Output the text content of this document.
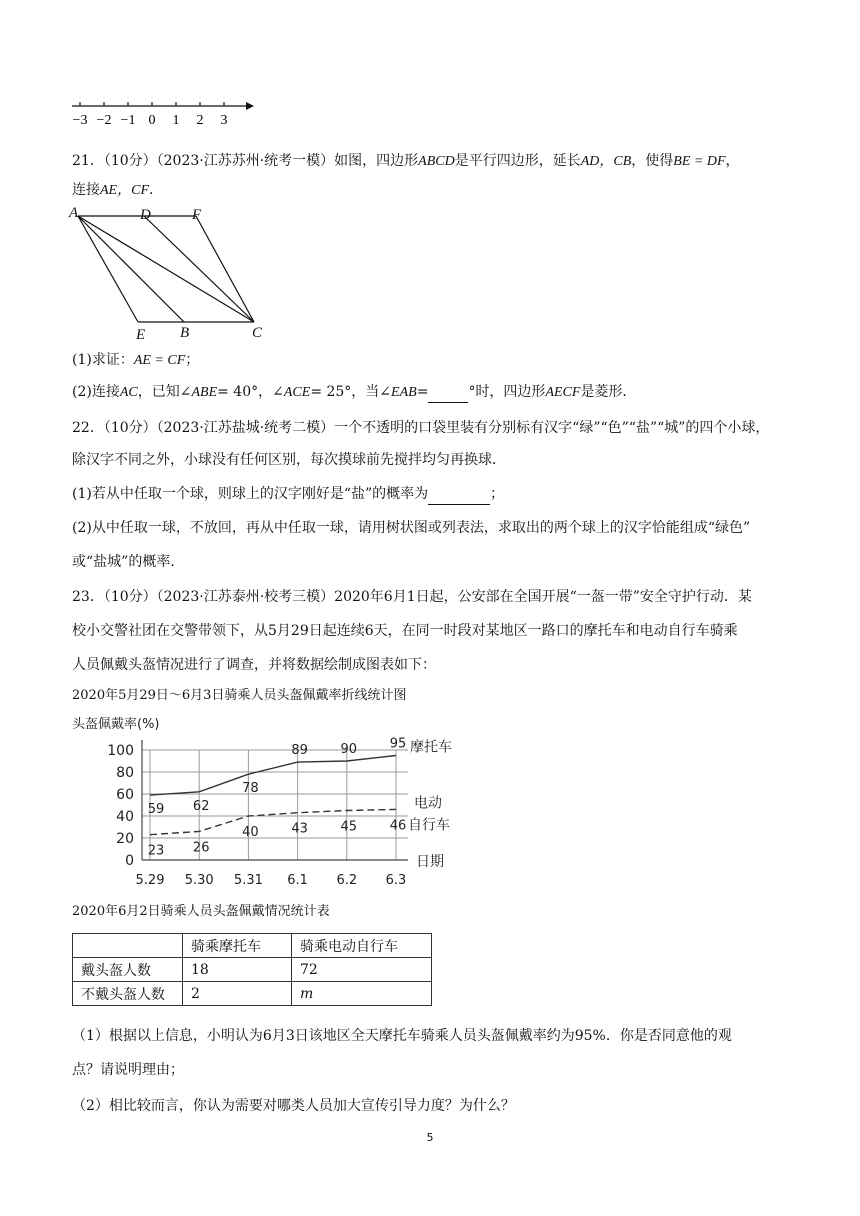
−3 −2 −1 0 1 2 3
21．（10分）（2023·江苏苏州·统考一模）如图，四边形ABCD是平行四边形，延长AD，CB，使得BE = DF，
连接AE，CF．
A	D	F
E B	C
(1)求证：AE = CF；
(2)连接AC，已知∠ABE= 40°，∠ACE= 25°，当∠EAB=	°时，四边形AECF是菱形．
22．（10分）（2023·江苏盐城·统考二模）一个不透明的口袋里装有分别标有汉字“绿”“色”“盐”“城”的四个小球，
除汉字不同之外，小球没有任何区别，每次摸球前先搅拌均匀再换球．
(1)若从中任取一个球，则球上的汉字刚好是“盐”的概率为	；
(2)从中任取一球，不放回，再从中任取一球，请用树状图或列表法，求取出的两个球上的汉字恰能组成“绿色”
或“盐城”的概率．
23．（10分）（2023·江苏泰州·校考三模）2020年6月1日起，公安部在全国开展“一盔一带”安全守护行动．某
校小交警社团在交警带领下，从5月29日起连续6天，在同一时段对某地区一路口的摩托车和电动自行车骑乘
人员佩戴头盔情况进行了调查，并将数据绘制成图表如下：
2020年5月29日～6月3日骑乘人员头盔佩戴率折线统计图
头盔佩戴率(%)
0
20
40
60
80
100
5.29 5.30 5.31 6.1 6.2 6.3
日期
59 62
78
89	90	95 摩托车
23 26
40	43	45	46
电动
自行车
2020年6月2日骑乘人员头盔佩戴情况统计表
	骑乘摩托车	骑乘电动自行车
戴头盔人数	18	72
不戴头盔人数	2	m
（1）根据以上信息，小明认为6月3日该地区全天摩托车骑乘人员头盔佩戴率约为95%．你是否同意他的观
点？请说明理由；
（2）相比较而言，你认为需要对哪类人员加大宣传引导力度？为什么？
5
